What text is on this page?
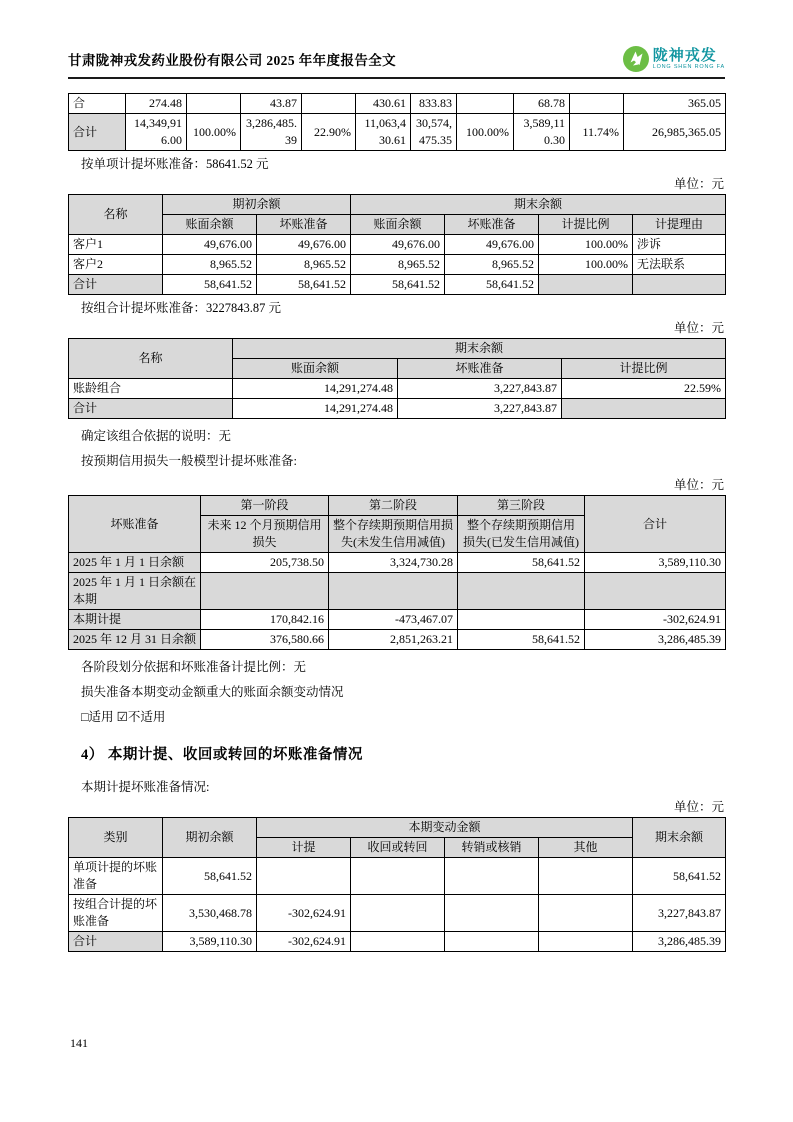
甘肃陇神戎发药业股份有限公司 2025 年年度报告全文	陇神戎发
LONG SHEN RONG FA
合	274.48		43.87		430.61	833.83		68.78		365.05
合计	14,349,916.00	100.00%	3,286,485.39	22.90%	11,063,430.61	30,574,475.35	100.00%	3,589,110.30	11.74%	26,985,365.05

按单项计提坏账准备：58641.52 元

单位：元

名称	期初余额		期末余额			
	账面余额	坏账准备	账面余额	坏账准备	计提比例	计提理由
客户1	49,676.00	49,676.00	49,676.00	49,676.00	100.00%	涉诉
客户2	8,965.52	8,965.52	8,965.52	8,965.52	100.00%	无法联系
合计	58,641.52	58,641.52	58,641.52	58,641.52		

按组合计提坏账准备：3227843.87 元

单位：元

名称	期末余额		
	账面余额	坏账准备	计提比例
账龄组合	14,291,274.48	3,227,843.87	22.59%
合计	14,291,274.48	3,227,843.87	

确定该组合依据的说明：无

按预期信用损失一般模型计提坏账准备:

单位：元

坏账准备	第一阶段	第二阶段	第三阶段	合计
	未来 12 个月预期信用损失	整个存续期预期信用损失(未发生信用减值)	整个存续期预期信用损失(已发生信用减值)	
2025 年 1 月 1 日余额	205,738.50	3,324,730.28	58,641.52	3,589,110.30
2025 年 1 月 1 日余额在本期				
本期计提	170,842.16	-473,467.07		-302,624.91
2025 年 12 月 31 日余额	376,580.66	2,851,263.21	58,641.52	3,286,485.39

各阶段划分依据和坏账准备计提比例：无

损失准备本期变动金额重大的账面余额变动情况

□适用 ☑不适用

4） 本期计提、收回或转回的坏账准备情况

本期计提坏账准备情况:

单位：元

类别	期初余额	本期变动金额				期末余额
		计提	收回或转回	转销或核销	其他	
单项计提的坏账准备	58,641.52					58,641.52
按组合计提的坏账准备	3,530,468.78	-302,624.91				3,227,843.87
合计	3,589,110.30	-302,624.91				3,286,485.39
141
